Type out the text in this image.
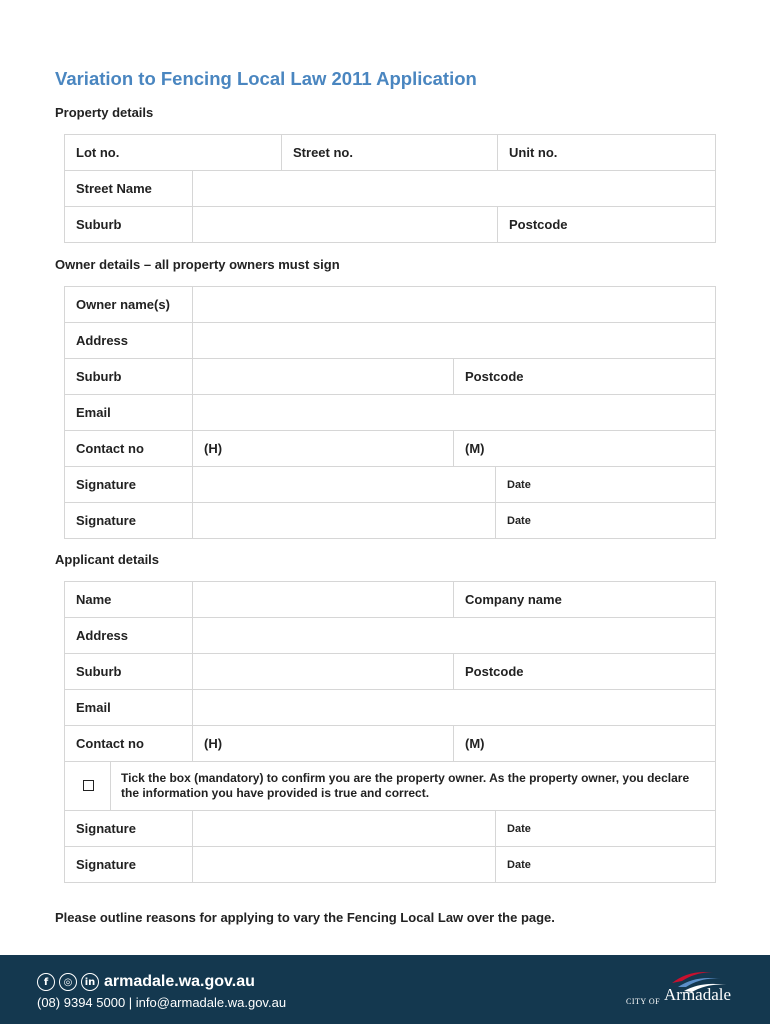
Variation to Fencing Local Law 2011 Application
Property details
Lot no.		Street no.	Unit no.
Street Name			
Suburb			Postcode
Owner details – all property owners must sign
Owner name(s)			
Address			
Suburb		Postcode	
Email			
Contact no	(H)	(M)	
Signature			Date
Signature			Date
Applicant details
Name			Company name	
Address				
Suburb			Postcode	
Email				
Contact no		(H)	(M)	
	Tick the box (mandatory) to confirm you are the property owner. As the property owner, you declare the information you have provided is true and correct.			
Signature				Date
Signature				Date
Please outline reasons for applying to vary the Fencing Local Law over the page.
f	◎	in armadale.wa.gov.au
(08) 9394 5000 | info@armadale.wa.gov.au	CITY OF Armadale
